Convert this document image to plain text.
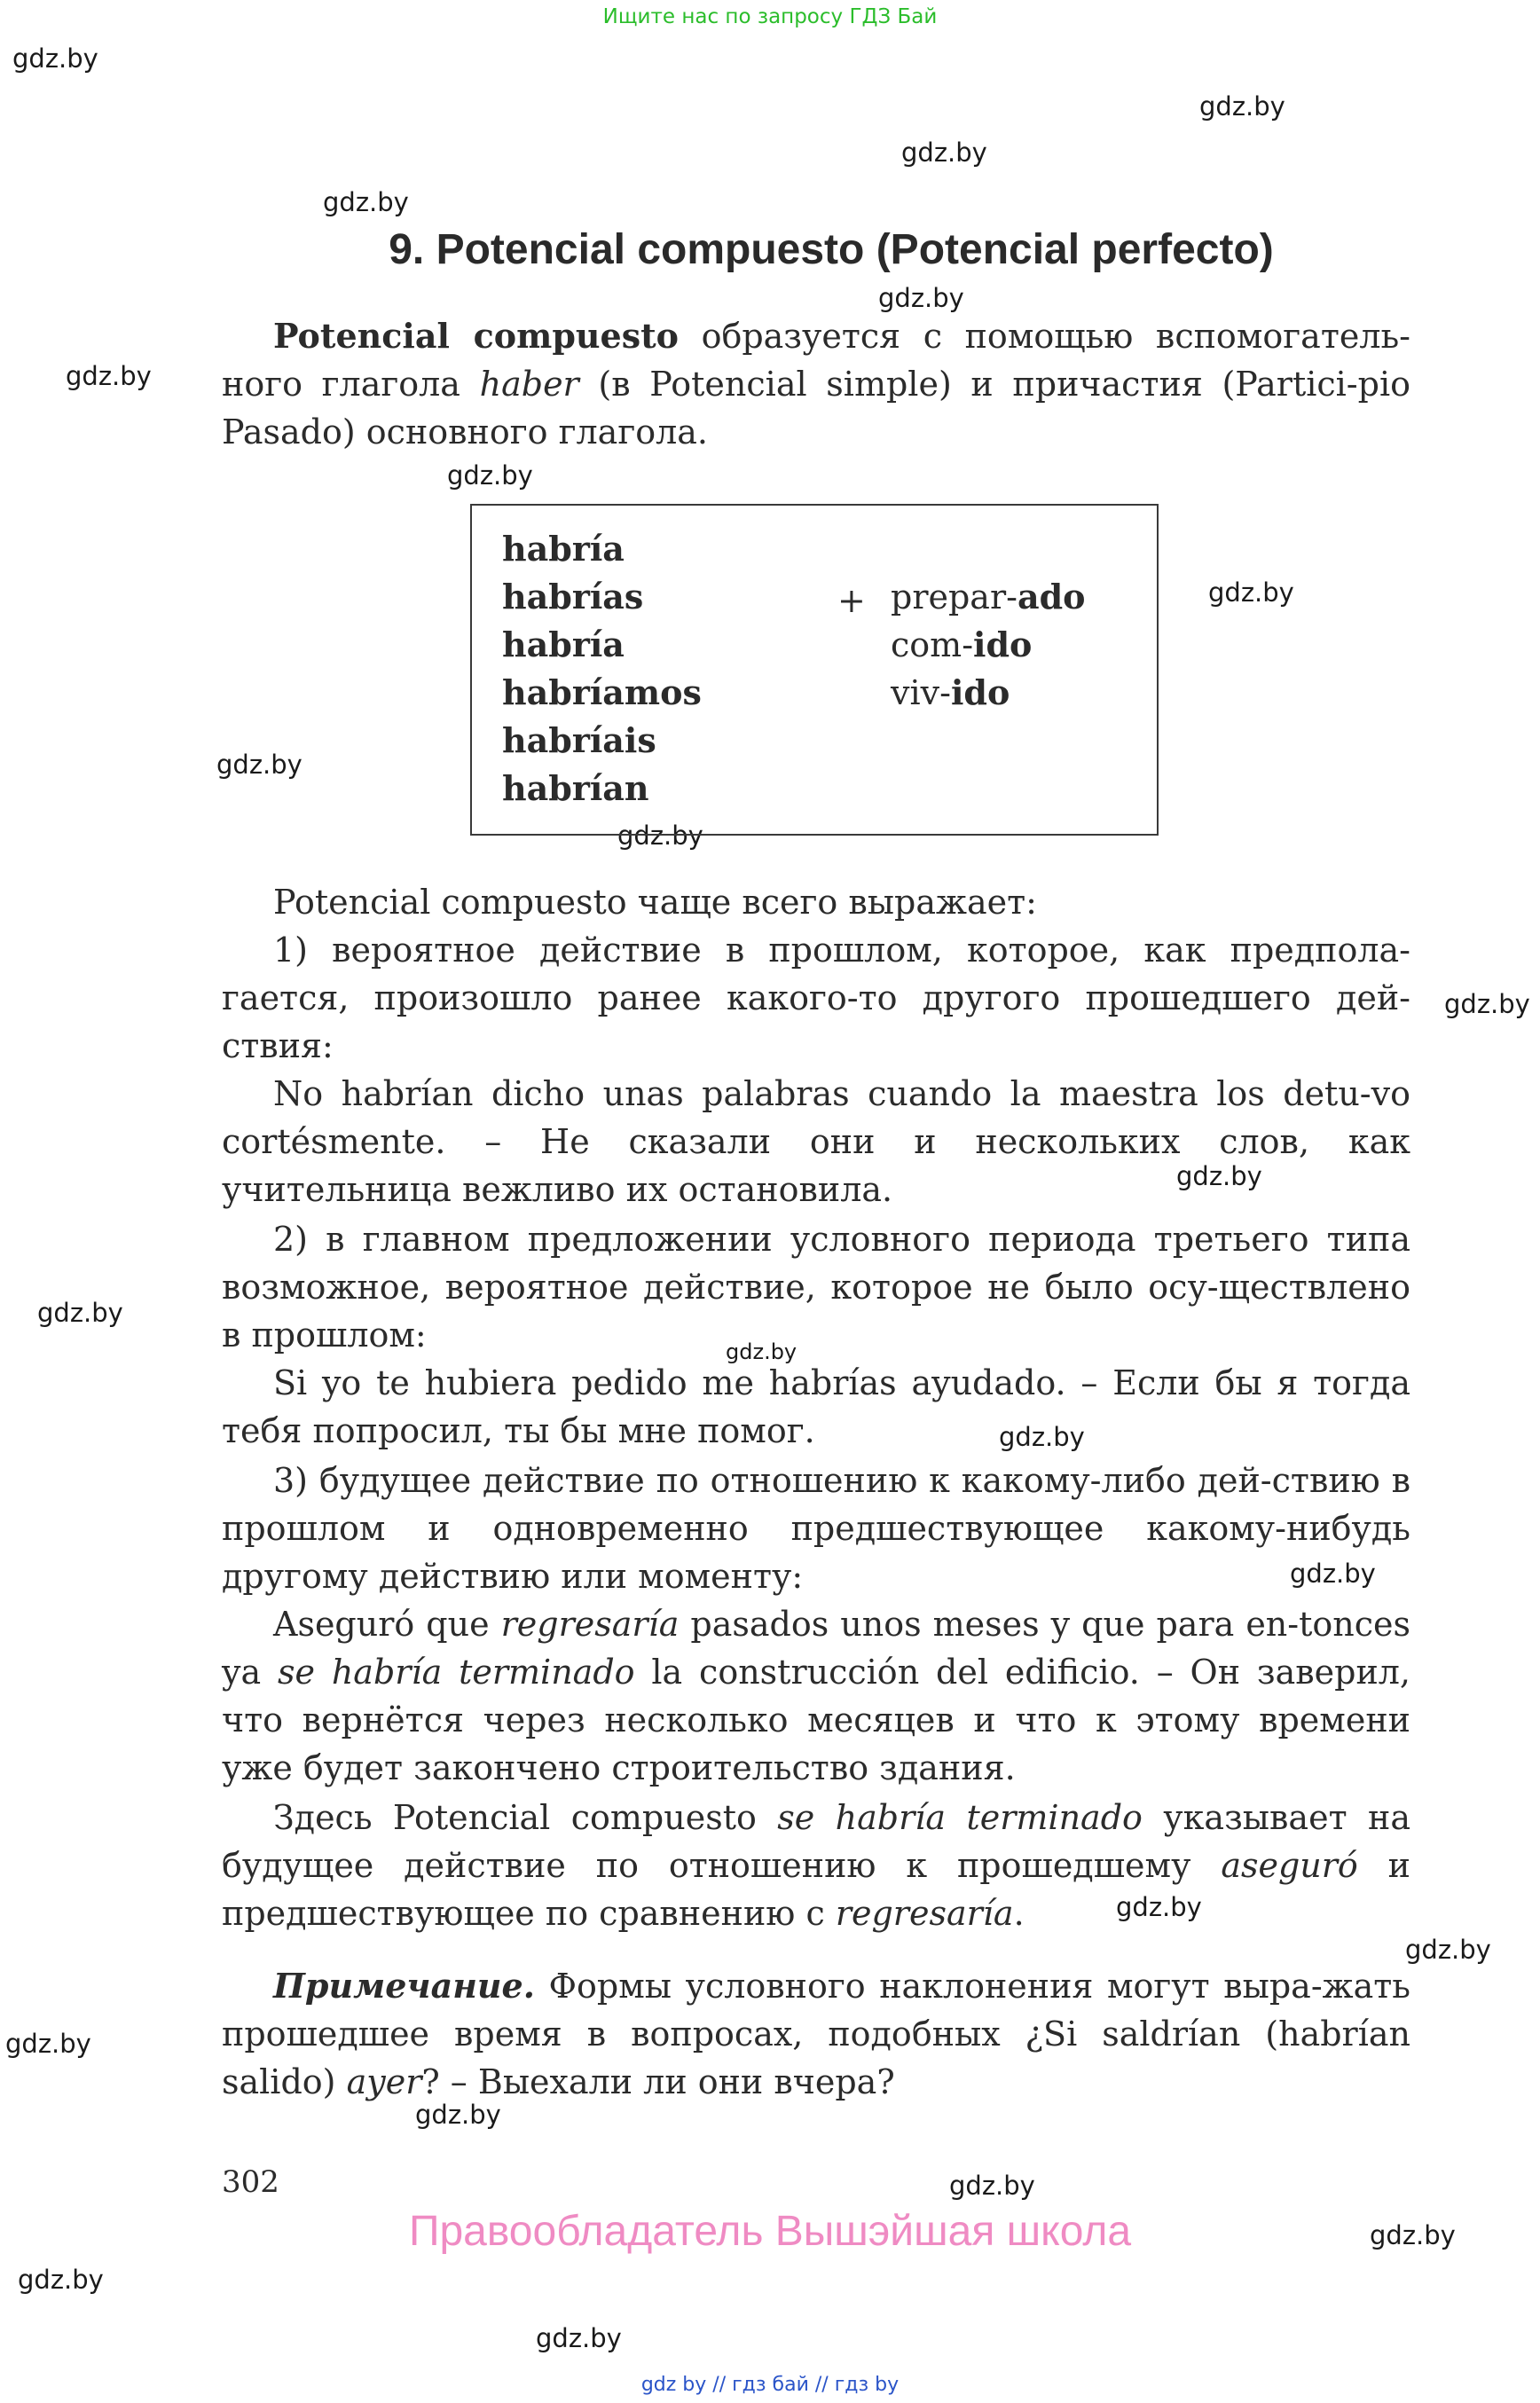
Ищите нас по запросу ГДЗ Бай
gdz.by
gdz.by
gdz.by
gdz.by
gdz.by
gdz.by
gdz.by
gdz.by
gdz.by
gdz.by
gdz.by
gdz.by
gdz.by
gdz.by
gdz.by
gdz.by
gdz.by
gdz.by
gdz.by
gdz.by
gdz.by
gdz.by
gdz.by
gdz.by
9. Potencial compuesto (Potencial perfecto)
Potencial compuesto образуется с помощью вспомогатель-ного глагола haber (в Potencial simple) и причастия (Partici-pio Pasado) основного глагола.
habría
habrías
habría
habríamos
habríais
habrían
+ prepar-ado
com-ido
viv-ido
Potencial compuesto чаще всего выражает:
1) вероятное действие в прошлом, которое, как предпола-гается, произошло ранее какого-то другого прошедшего дей-ствия:
No habrían dicho unas palabras cuando la maestra los detu-vo cortésmente. – Не сказали они и нескольких слов, как учительница вежливо их остановила.
2) в главном предложении условного периода третьего типа возможное, вероятное действие, которое не было осу-ществлено в прошлом:
Si yo te hubiera pedido me habrías ayudado. – Если бы я тогда тебя попросил, ты бы мне помог.
3) будущее действие по отношению к какому-либо дей-ствию в прошлом и одновременно предшествующее какому-нибудь другому действию или моменту:
Aseguró que regresaría pasados unos meses y que para en-tonces ya se habría terminado la construcción del edificio. – Он заверил, что вернётся через несколько месяцев и что к этому времени уже будет закончено строительство здания.
Здесь Potencial compuesto se habría terminado указывает на будущее действие по отношению к прошедшему aseguró и предшествующее по сравнению с regresaría.
Примечание. Формы условного наклонения могут выра-жать прошедшее время в вопросах, подобных ¿Si saldrían (habrían salido) ayer? – Выехали ли они вчера?
302
Правообладатель Вышэйшая школа
gdz by // гдз бай // гдз by
